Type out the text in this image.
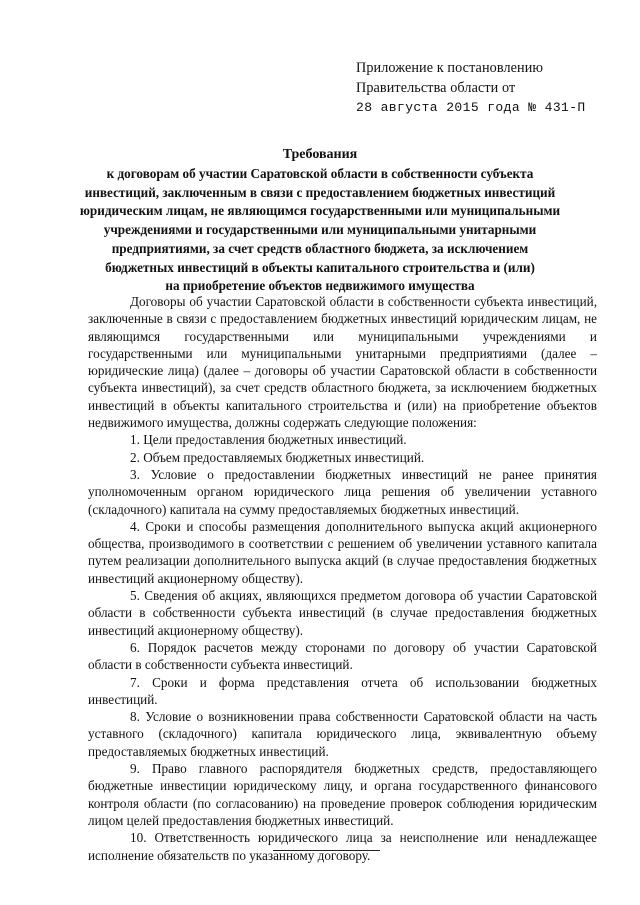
Приложение к постановлению
Правительства области от
28 августа 2015 года № 431-П
Требования
к договорам об участии Саратовской области в собственности субъекта
инвестиций, заключенным в связи с предоставлением бюджетных инвестиций
юридическим лицам, не являющимся государственными или муниципальными
учреждениями и государственными или муниципальными унитарными
предприятиями, за счет средств областного бюджета, за исключением
бюджетных инвестиций в объекты капитального строительства и (или)
на приобретение объектов недвижимого имущества

Договоры об участии Саратовской области в собственности субъекта инвестиций, заключенные в связи с предоставлением бюджетных инвестиций юридическим лицам, не являющимся государственными или муниципальными учреждениями и государственными или муниципальными унитарными предприятиями (далее – юридические лица) (далее – договоры об участии Саратовской области в собственности субъекта инвестиций), за счет средств областного бюджета, за исключением бюджетных инвестиций в объекты капитального строительства и (или) на приобретение объектов недвижимого имущества, должны содержать следующие положения:

1. Цели предоставления бюджетных инвестиций.

2. Объем предоставляемых бюджетных инвестиций.

3. Условие о предоставлении бюджетных инвестиций не ранее принятия уполномоченным органом юридического лица решения об увеличении уставного (складочного) капитала на сумму предоставляемых бюджетных инвестиций.

4. Сроки и способы размещения дополнительного выпуска акций акционерного общества, производимого в соответствии с решением об увеличении уставного капитала путем реализации дополнительного выпуска акций (в случае предоставления бюджетных инвестиций акционерному обществу).

5. Сведения об акциях, являющихся предметом договора об участии Саратовской области в собственности субъекта инвестиций (в случае предоставления бюджетных инвестиций акционерному обществу).

6. Порядок расчетов между сторонами по договору об участии Саратовской области в собственности субъекта инвестиций.

7. Сроки и форма представления отчета об использовании бюджетных инвестиций.

8. Условие о возникновении права собственности Саратовской области на часть уставного (складочного) капитала юридического лица, эквивалентную объему предоставляемых бюджетных инвестиций.

9. Право главного распорядителя бюджетных средств, предоставляющего бюджетные инвестиции юридическому лицу, и органа государственного финансового контроля области (по согласованию) на проведение проверок соблюдения юридическим лицом целей предоставления бюджетных инвестиций.

10. Ответственность юридического лица за неисполнение или ненадлежащее исполнение обязательств по указанному договору.
